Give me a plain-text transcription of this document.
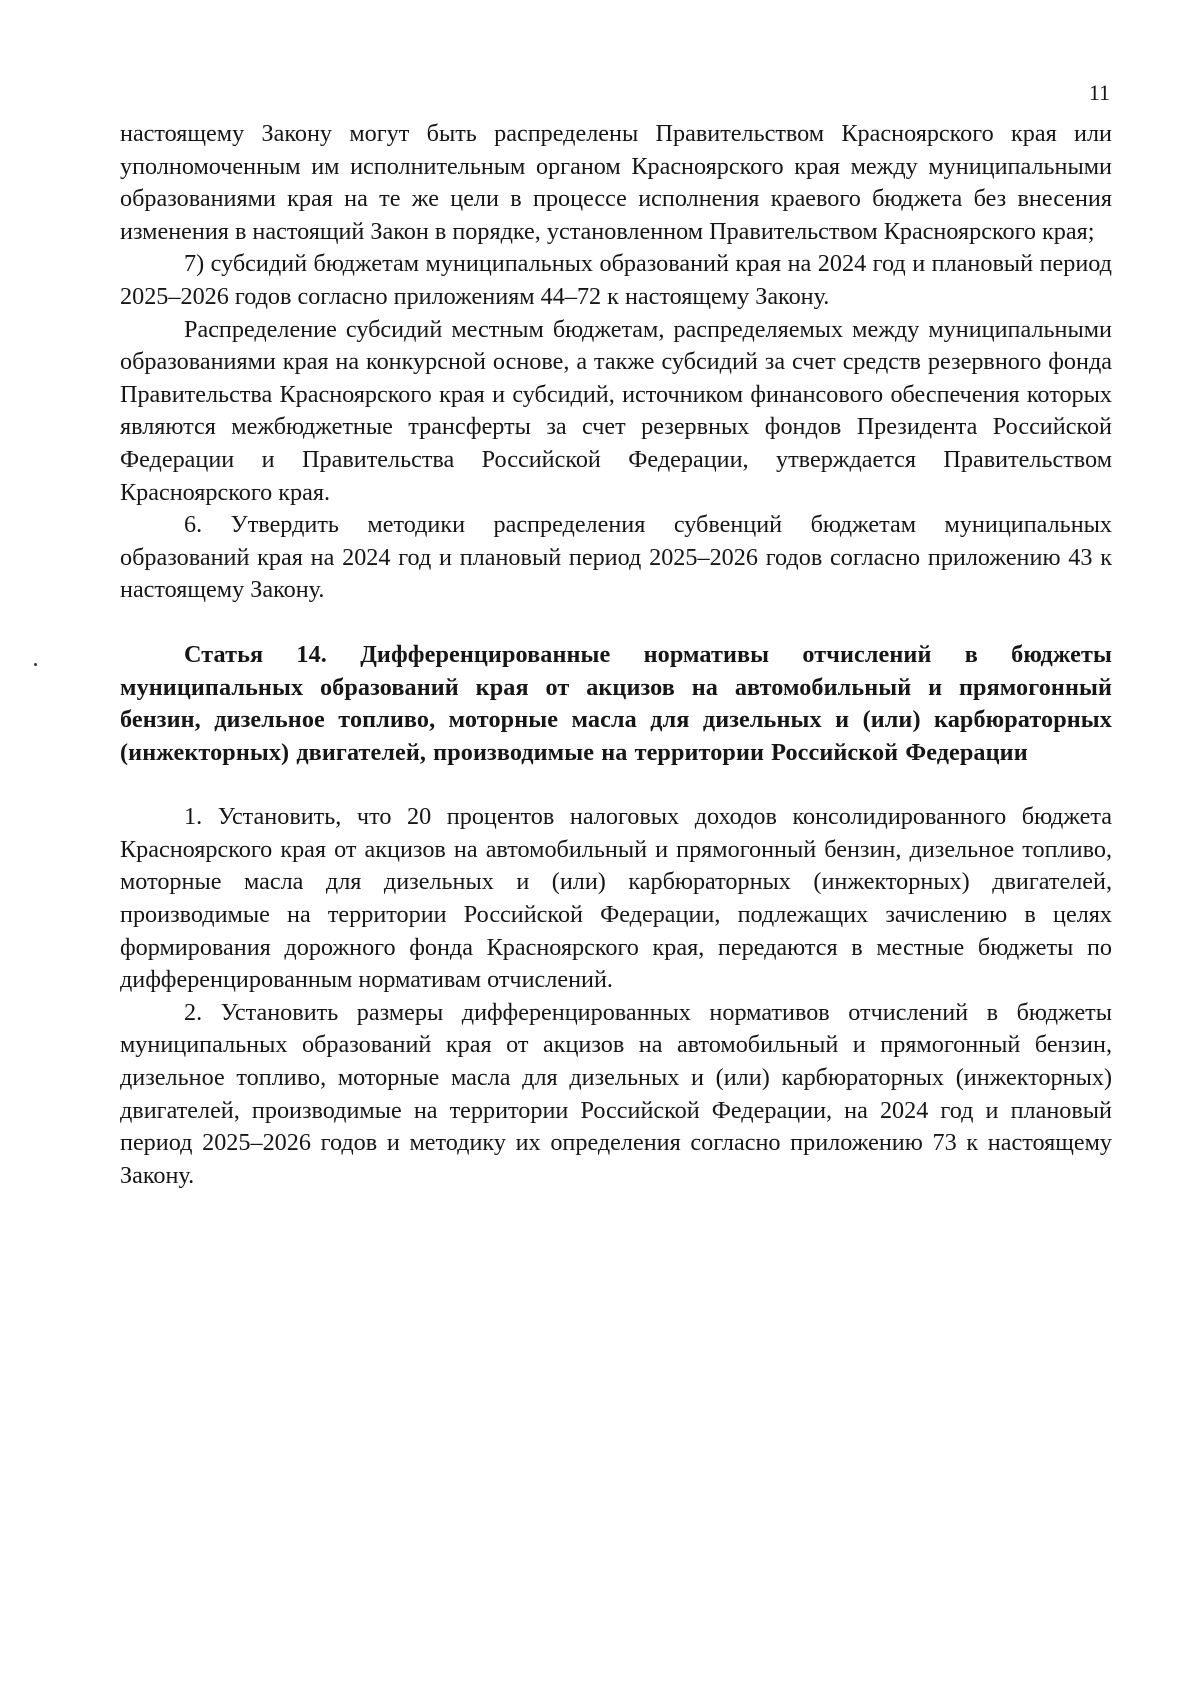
11

настоящему Закону могут быть распределены Правительством Красноярского края или уполномоченным им исполнительным органом Красноярского края между муниципальными образованиями края на те же цели в процессе исполнения краевого бюджета без внесения изменения в настоящий Закон в порядке, установленном Правительством Красноярского края;

7) субсидий бюджетам муниципальных образований края на 2024 год и плановый период 2025–2026 годов согласно приложениям 44–72 к настоящему Закону.

Распределение субсидий местным бюджетам, распределяемых между муниципальными образованиями края на конкурсной основе, а также субсидий за счет средств резервного фонда Правительства Красноярского края и субсидий, источником финансового обеспечения которых являются межбюджетные трансферты за счет резервных фондов Президента Российской Федерации и Правительства Российской Федерации, утверждается Правительством Красноярского края.

6. Утвердить методики распределения субвенций бюджетам муниципальных образований края на 2024 год и плановый период 2025–2026 годов согласно приложению 43 к настоящему Закону.

Статья 14. Дифференцированные нормативы отчислений в бюджеты муниципальных образований края от акцизов на автомобильный и прямогонный бензин, дизельное топливо, моторные масла для дизельных и (или) карбюраторных (инжекторных) двигателей, производимые на территории Российской Федерации

1. Установить, что 20 процентов налоговых доходов консолидированного бюджета Красноярского края от акцизов на автомобильный и прямогонный бензин, дизельное топливо, моторные масла для дизельных и (или) карбюраторных (инжекторных) двигателей, производимые на территории Российской Федерации, подлежащих зачислению в целях формирования дорожного фонда Красноярского края, передаются в местные бюджеты по дифференцированным нормативам отчислений.

2. Установить размеры дифференцированных нормативов отчислений в бюджеты муниципальных образований края от акцизов на автомобильный и прямогонный бензин, дизельное топливо, моторные масла для дизельных и (или) карбюраторных (инжекторных) двигателей, производимые на территории Российской Федерации, на 2024 год и плановый период 2025–2026 годов и методику их определения согласно приложению 73 к настоящему Закону.
